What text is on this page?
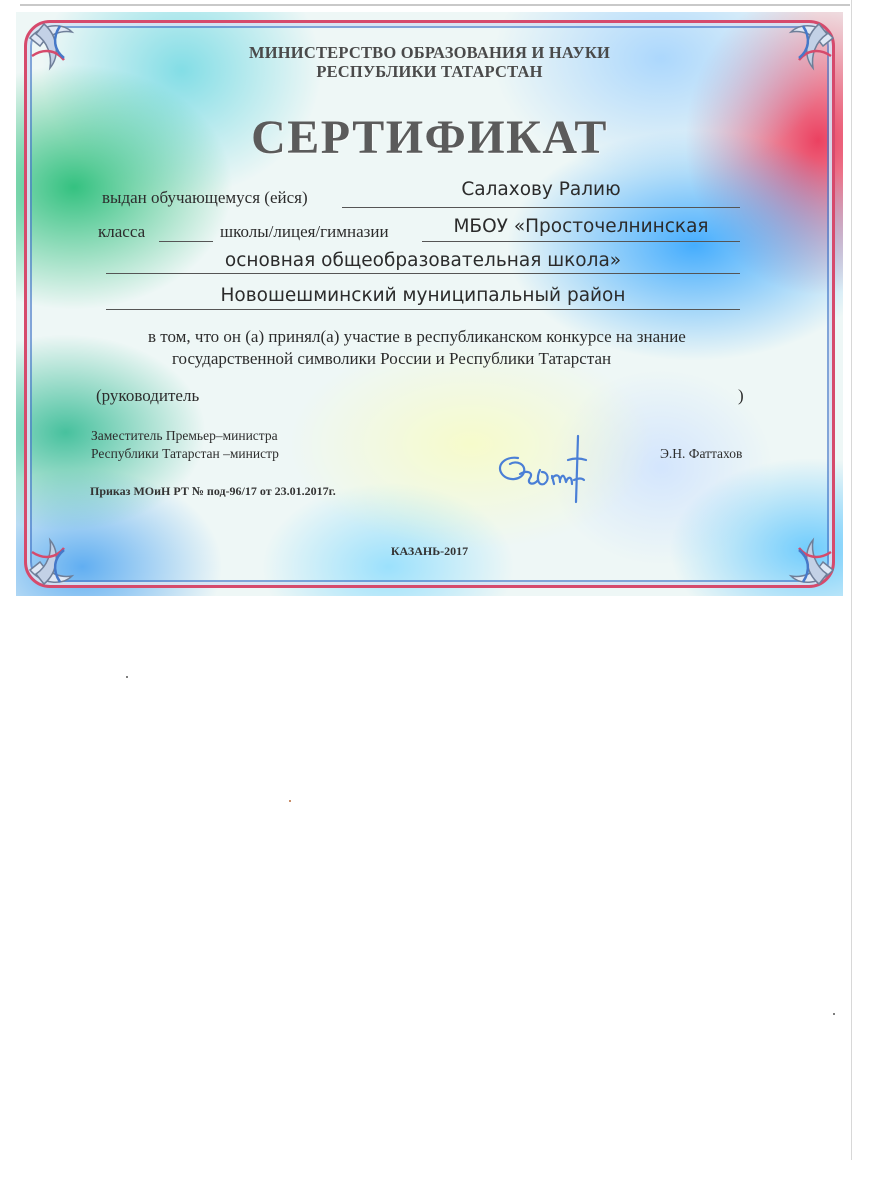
МИНИСТЕРСТВО ОБРАЗОВАНИЯ И НАУКИ
РЕСПУБЛИКИ ТАТАРСТАН
СЕРТИФИКАТ
выдан обучающемуся (ейся)	Салахову Ралию
класса	школы/лицея/гимназии	МБОУ «Просточелнинская
основная общеобразовательная школа»
Новошешминский муниципальный район
в том, что он (а) принял(а) участие в республиканском конкурсе на знание
государственной символики России и Республики Татарстан
(руководитель	)
Заместитель Премьер–министра
Республики Татарстан –министр	Э.Н. Фаттахов
Приказ МОиН РТ № под-96/17 от 23.01.2017г.
КАЗАНЬ-2017
